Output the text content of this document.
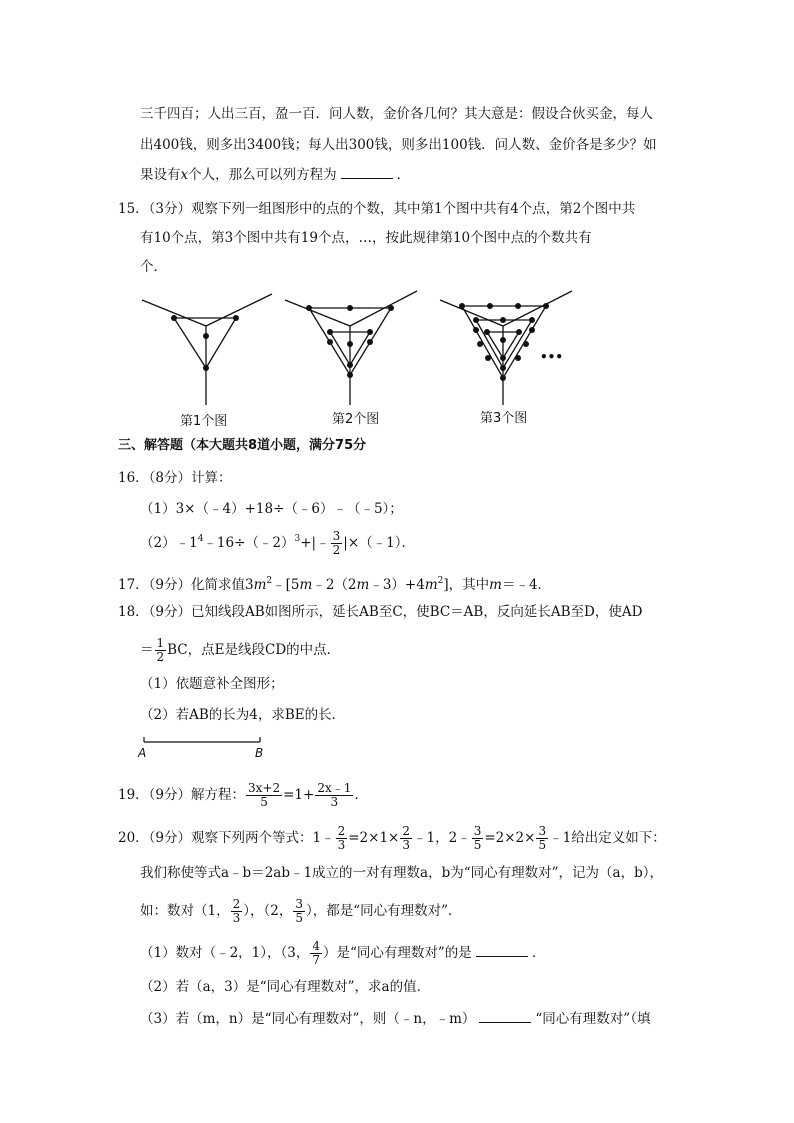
三千四百；人出三百，盈一百．问人数，金价各几何？其大意是：假设合伙买金，每人
出400钱，则多出3400钱；每人出300钱，则多出100钱．问人数、金价各是多少？如
果设有x个人，那么可以列方程为	．
15．（3分）观察下列一组图形中的点的个数，其中第1个图中共有4个点，第2个图中共
有10个点，第3个图中共有19个点，…，按此规律第10个图中点的个数共有
个．
•••
第1个图	第2个图	第3个图
三、解答题（本大题共8道小题，满分75分
16．（8分）计算：
（1）3×（﹣4）+18÷（﹣6）﹣（﹣5）；
$(2)﹣1^4﹣16\div(﹣2)^3+|﹣ \frac{3}{2}$ |×（﹣1）．
17．（9分）化简求值$3m^2﹣[5m﹣2(2m﹣3)+4m^2]$，其中m＝﹣4．
18．（9分）已知线段AB如图所示，延长AB至C，使BC＝AB，反向延长AB至D，使AD
＝ $\frac{1}{2}$ BC，点E是线段CD的中点．
（1）依题意补全图形；
（2）若AB的长为4，求BE的长．
A	B
19．（9分）解方程： $\frac{3x+2}{5} =1+ \frac{2x﹣1}{3}$ ．
20．（9分）观察下列两个等式：1﹣ $\frac{2}{3} =2\times 1\times \frac{2}{3}$ ﹣1，2﹣ $\frac{3}{5} =2\times 2\times \frac{3}{5}$ ﹣1给出定义如下：
我们称使等式a﹣b＝2ab﹣1成立的一对有理数a，b为“同心有理数对”，记为（a，b），
如：数对（1， $\frac{2}{3}$ ），（2， $\frac{3}{5}$ ），都是“同心有理数对”．
（1）数对（﹣2，1），（3， $\frac{4}{7}$ ）是“同心有理数对”的是	．
（2）若（a，3）是“同心有理数对”，求a的值．
（3）若（m，n）是“同心有理数对”，则（﹣n，﹣m）	“同心有理数对”（填
